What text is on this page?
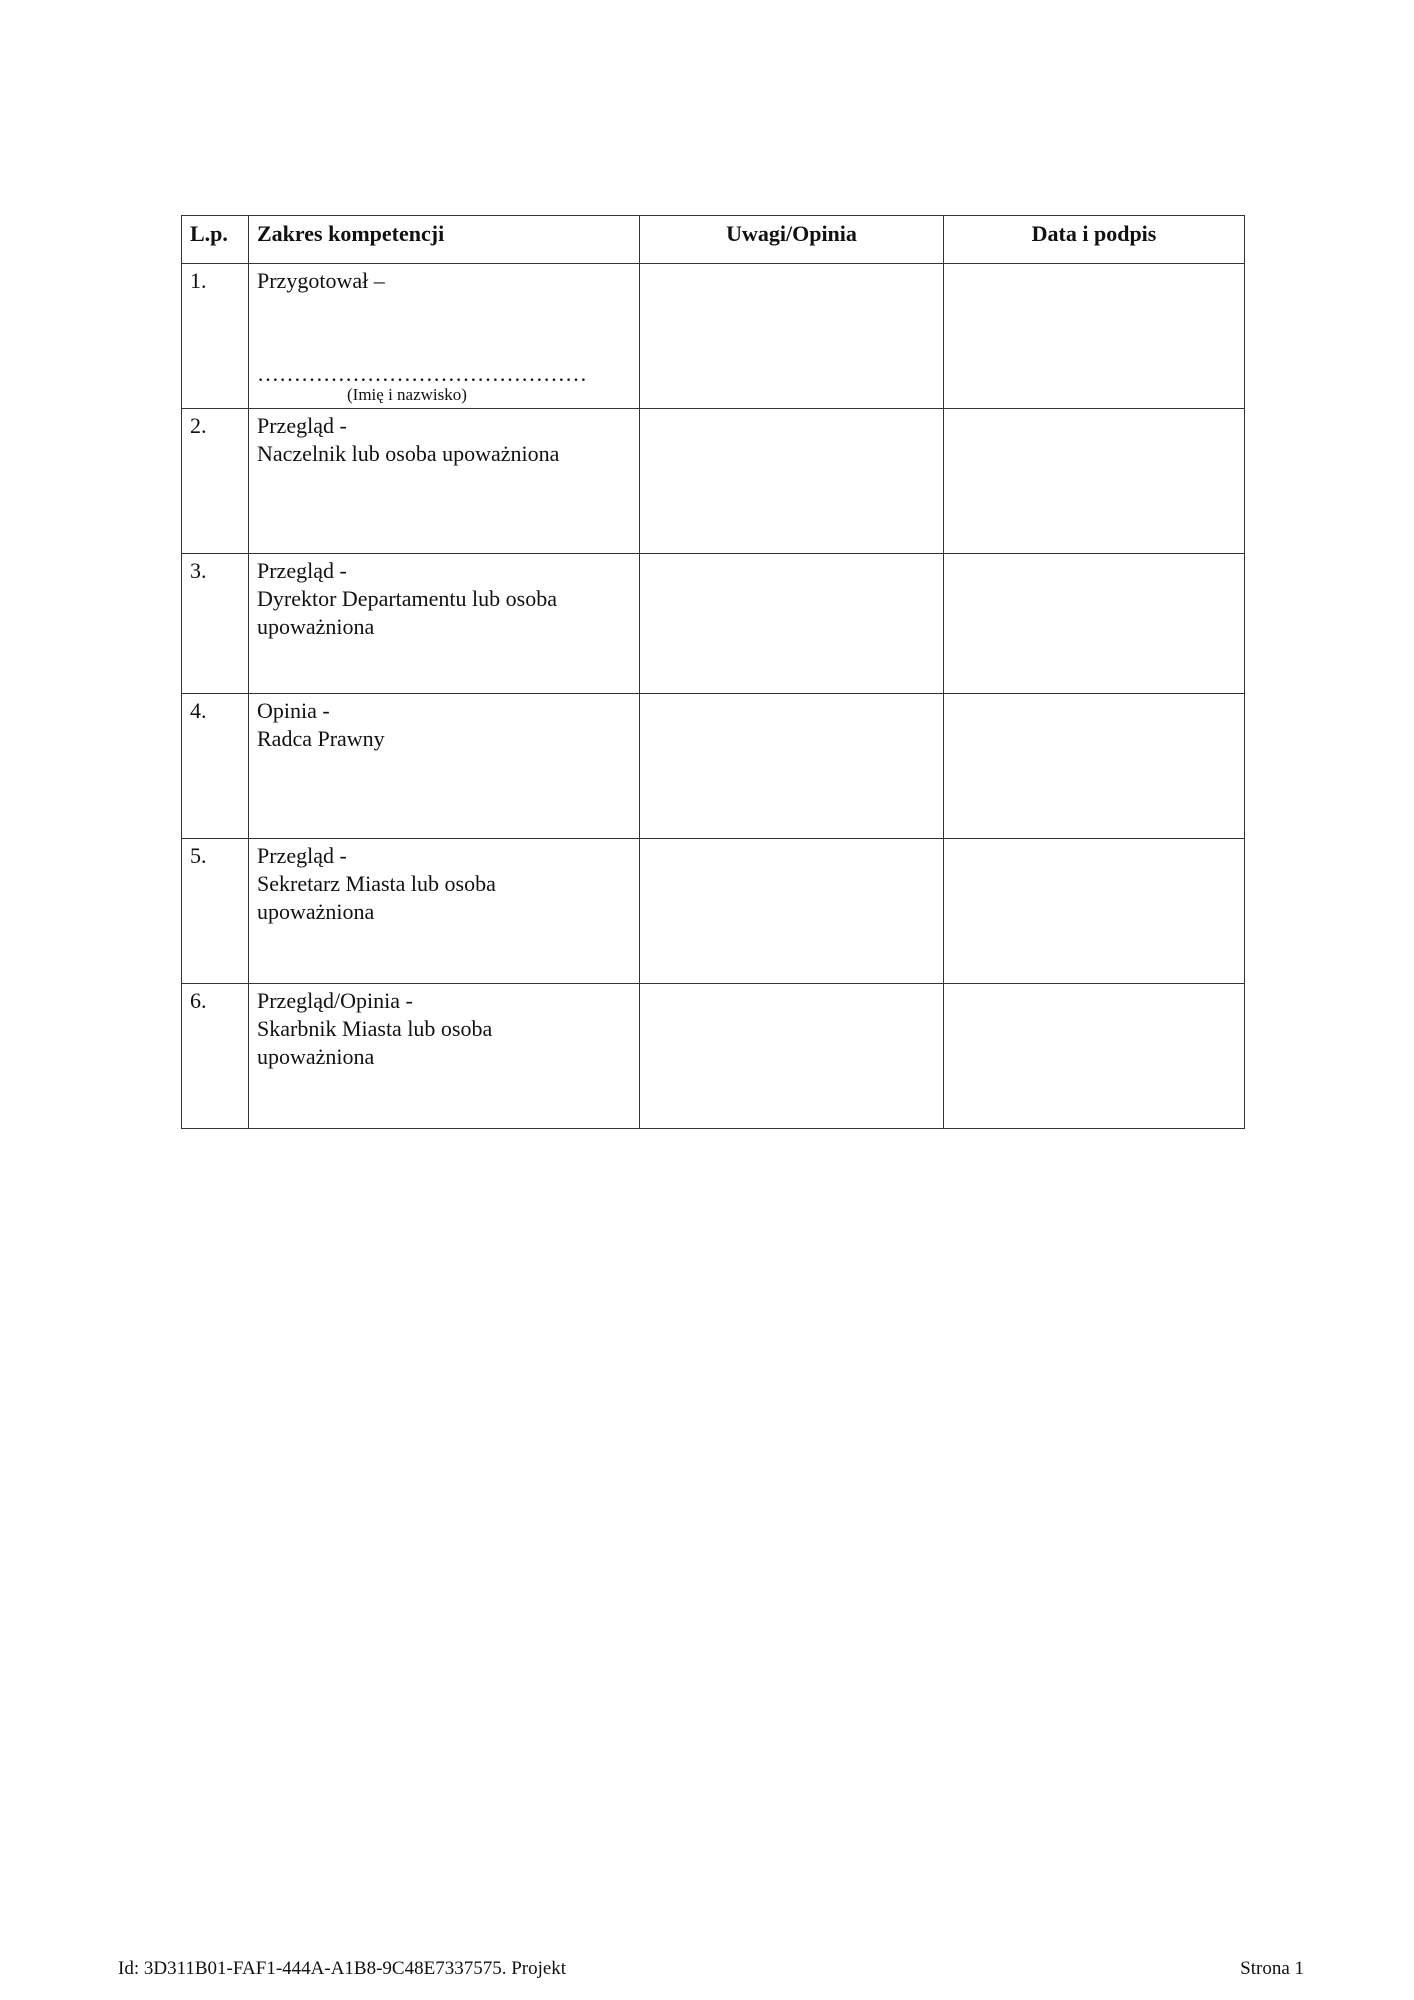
L.p.	Zakres kompetencji	Uwagi/Opinia	Data i podpis
1.	Przygotował –
………………………………………
(Imię i nazwisko)		

2.	Przegląd -
Naczelnik lub osoba upoważniona		

3.	Przegląd -
Dyrektor Departamentu lub osoba
upoważniona		

4.	Opinia -
Radca Prawny		

5.	Przegląd -
Sekretarz Miasta lub osoba
upoważniona		

6.	Przegląd/Opinia -
Skarbnik Miasta lub osoba
upoważniona		

Id: 3D311B01-FAF1-444A-A1B8-9C48E7337575. Projekt	Strona 1
